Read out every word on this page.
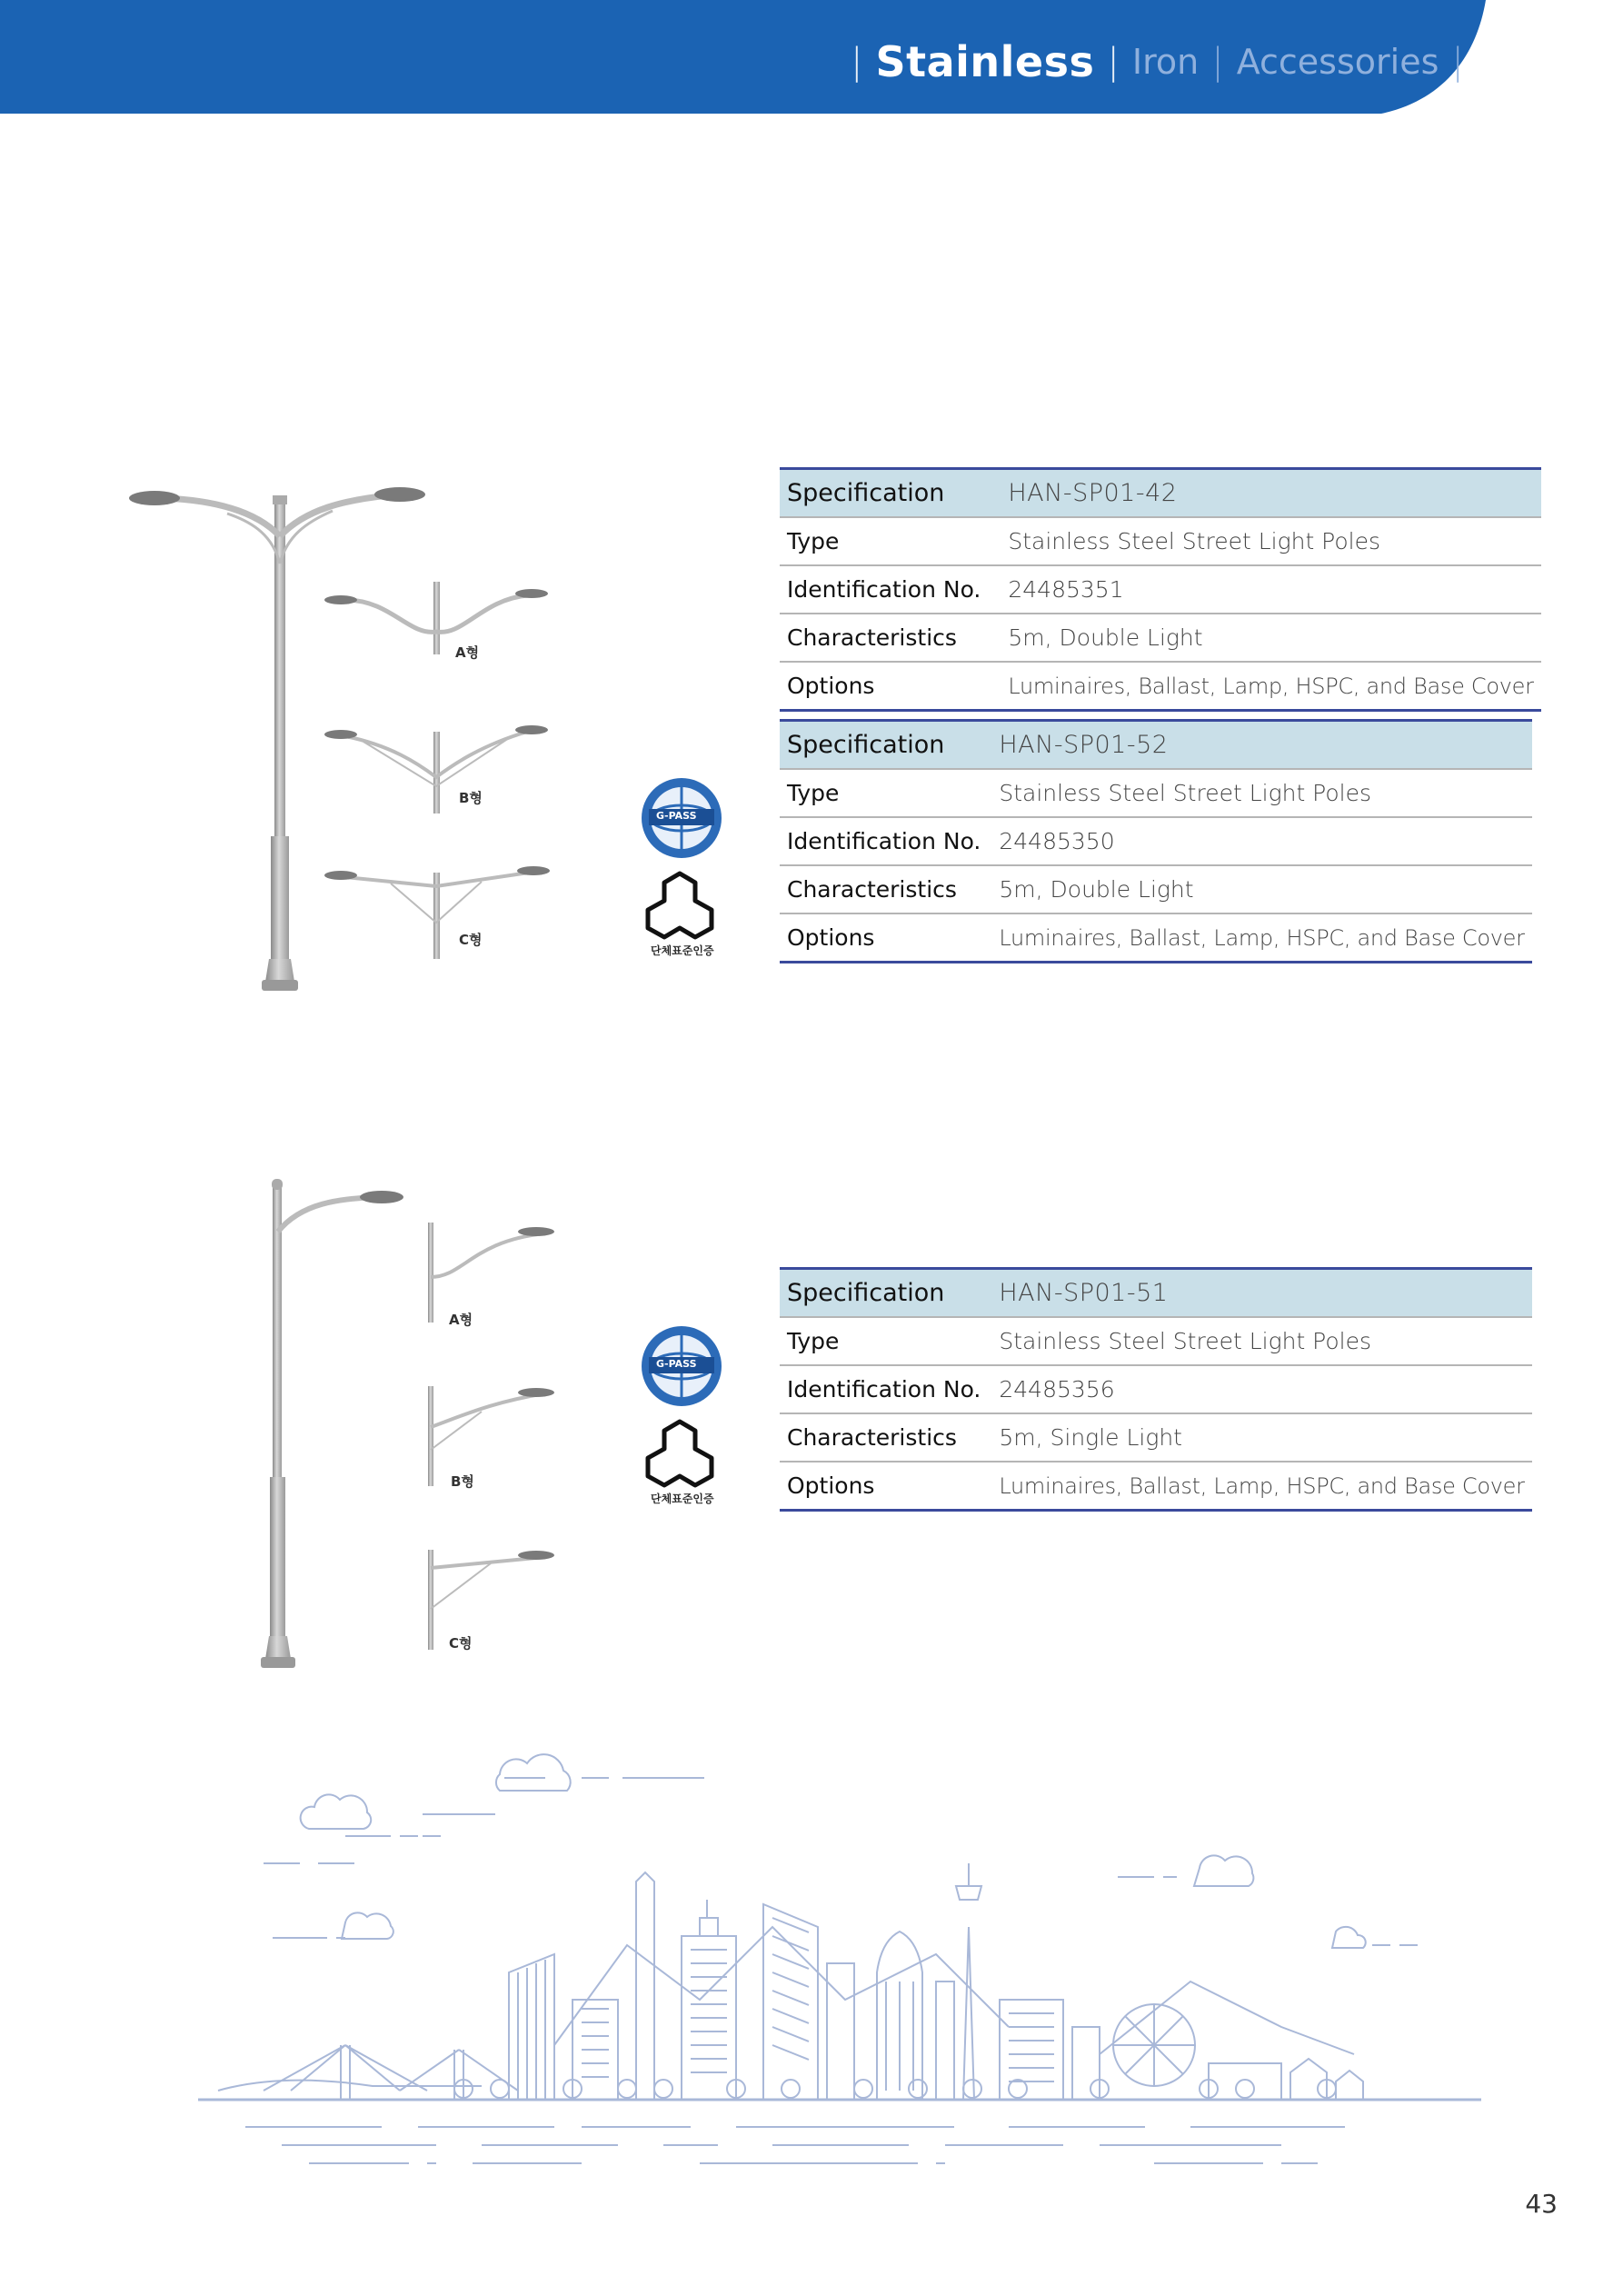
| Stainless | Iron | Accessories |
A형
B형
C형
G-PASS
단체표준인증
Specification		HAN-SP01-42
Type		Stainless Steel Street Light Poles
Identification No.		24485351
Characteristics		5m, Double Light
Options		Luminaires, Ballast, Lamp, HSPC, and Base Cover
Specification		HAN-SP01-52
Type		Stainless Steel Street Light Poles
Identification No.		24485350
Characteristics		5m, Double Light
Options		Luminaires, Ballast, Lamp, HSPC, and Base Cover
A형
B형
C형
G-PASS
단체표준인증
Specification		HAN-SP01-51
Type		Stainless Steel Street Light Poles
Identification No.		24485356
Characteristics		5m, Single Light
Options		Luminaires, Ballast, Lamp, HSPC, and Base Cover
43
